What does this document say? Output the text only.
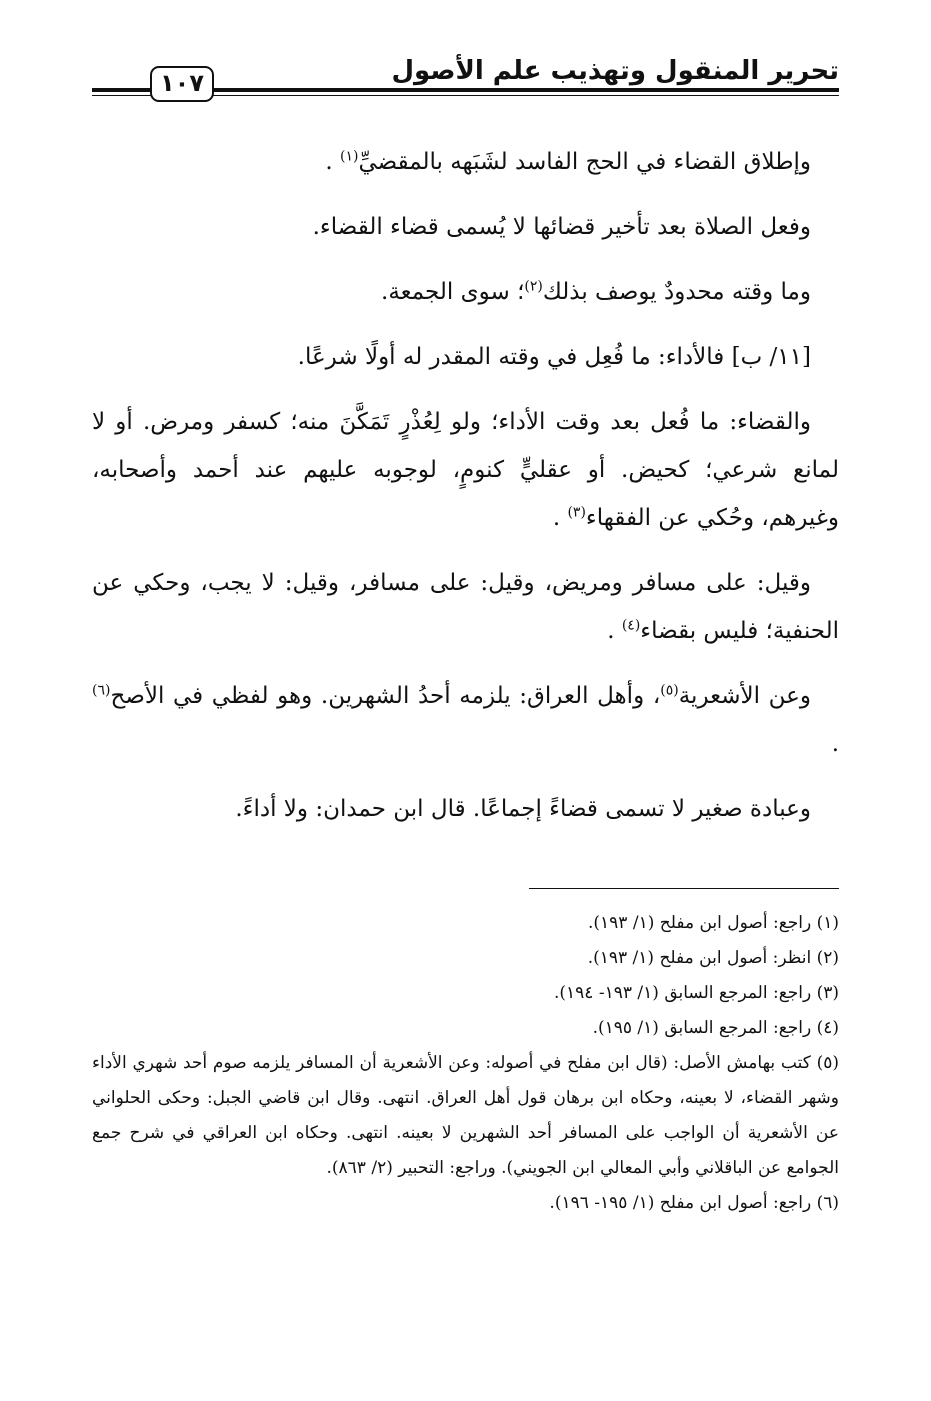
تحرير المنقول وتهذيب علم الأصول
١٠٧

وإطلاق القضاء في الحج الفاسد لشَبَهه بالمقضيِّ$^{(١)}$ .

وفعل الصلاة بعد تأخير قضائها لا يُسمى قضاء القضاء.

وما وقته محدودٌ يوصف بذلك$^{(٢)}$؛ سوى الجمعة.

[١١/ ب] فالأداء: ما فُعِل في وقته المقدر له أولًا شرعًا.

والقضاء: ما فُعل بعد وقت الأداء؛ ولو لِعُذْرٍ تَمَكَّنَ منه؛ كسفر ومرض. أو لا لمانع شرعي؛ كحيض. أو عقليٍّ كنومٍ، لوجوبه عليهم عند أحمد وأصحابه، وغيرهم، وحُكي عن الفقهاء$^{(٣)}$ .

وقيل: على مسافر ومريض، وقيل: على مسافر، وقيل: لا يجب، وحكي عن الحنفية؛ فليس بقضاء$^{(٤)}$ .

وعن الأشعرية$^{(٥)}$، وأهل العراق: يلزمه أحدُ الشهرين. وهو لفظي في الأصح$^{(٦)}$ .

وعبادة صغير لا تسمى قضاءً إجماعًا. قال ابن حمدان: ولا أداءً.

(١) راجع: أصول ابن مفلح (١/ ١٩٣).

(٢) انظر: أصول ابن مفلح (١/ ١٩٣).

(٣) راجع: المرجع السابق (١/ ١٩٣- ١٩٤).

(٤) راجع: المرجع السابق (١/ ١٩٥).

(٥) كتب بهامش الأصل: (قال ابن مفلح في أصوله: وعن الأشعرية أن المسافر يلزمه صوم أحد شهري الأداء وشهر القضاء، لا بعينه، وحكاه ابن برهان قول أهل العراق. انتهى. وقال ابن قاضي الجبل: وحكى الحلواني عن الأشعرية أن الواجب على المسافر أحد الشهرين لا بعينه. انتهى. وحكاه ابن العراقي في شرح جمع الجوامع عن الباقلاني وأبي المعالي ابن الجويني). وراجع: التحبير (٢/ ٨٦٣).

(٦) راجع: أصول ابن مفلح (١/ ١٩٥- ١٩٦).
